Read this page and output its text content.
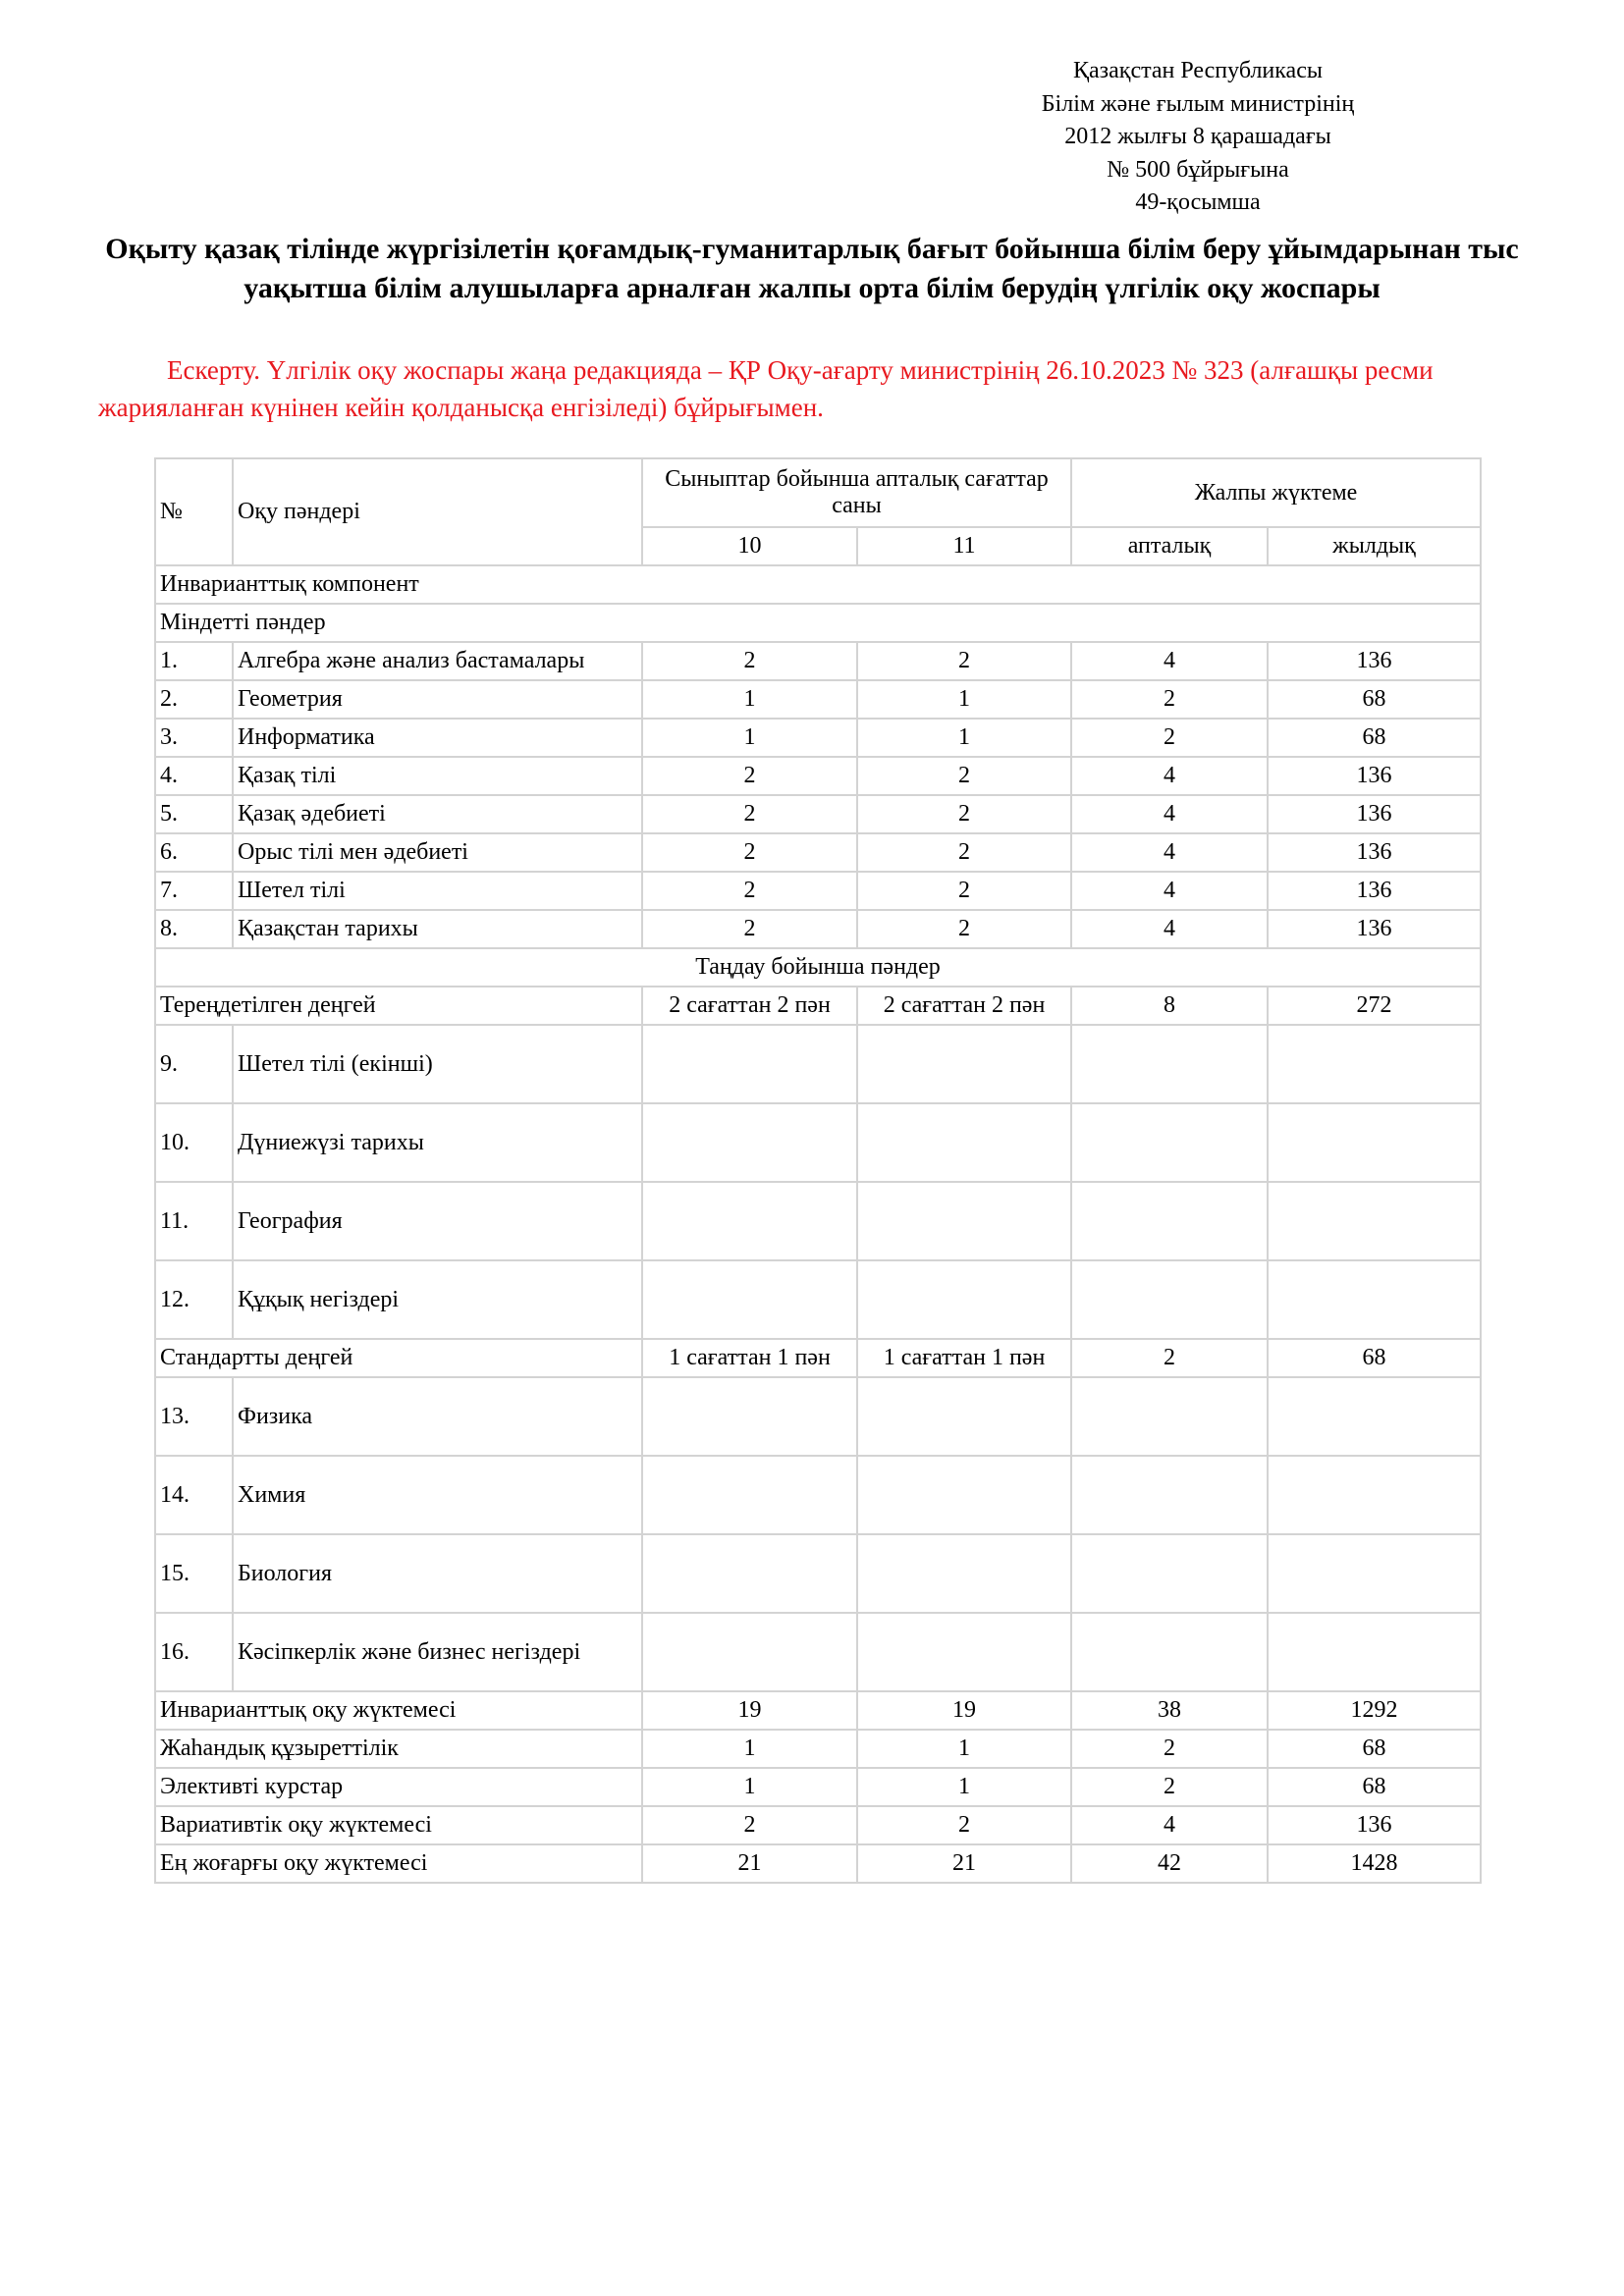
Қазақстан Республикасы
Білім және ғылым министрінің
2012 жылғы 8 қарашадағы
№ 500 бұйрығына
49-қосымша
Оқыту қазақ тілінде жүргізілетін қоғамдық-гуманитарлық бағыт бойынша білім беру ұйымдарынан тыс уақытша білім алушыларға арналған жалпы орта білім берудің үлгілік оқу жоспары
Ескерту. Үлгілік оқу жоспары жаңа редакцияда – ҚР Оқу-ағарту министрінің 26.10.2023 № 323 (алғашқы ресми жарияланған күнінен кейін қолданысқа енгізіледі) бұйрығымен.
№	Оқу пәндері	Сыныптар бойынша апталық сағаттар саны		Жалпы жүктеме	
		10	11	апталық	жылдық
Инварианттық компонент					
Міндетті пәндер					
1.	Алгебра және анализ бастамалары	2	2	4	136
2.	Геометрия	1	1	2	68
3.	Информатика	1	1	2	68
4.	Қазақ тілі	2	2	4	136
5.	Қазақ әдебиеті	2	2	4	136
6.	Орыс тілі мен әдебиеті	2	2	4	136
7.	Шетел тілі	2	2	4	136
8.	Қазақстан тарихы	2	2	4	136
Таңдау бойынша пәндер					
Тереңдетілген деңгей		2 сағаттан 2 пән	2 сағаттан 2 пән	8	272
9.	Шетел тілі (екінші)				
10.	Дүниежүзі тарихы				
11.	География				
12.	Құқық негіздері				
Стандартты деңгей		1 сағаттан 1 пән	1 сағаттан 1 пән	2	68
13.	Физика				
14.	Химия				
15.	Биология				
16.	Кәсіпкерлік және бизнес негіздері				
Инварианттық оқу жүктемесі		19	19	38	1292
Жаһандық құзыреттілік		1	1	2	68
Элективті курстар		1	1	2	68
Вариативтік оқу жүктемесі		2	2	4	136
Ең жоғарғы оқу жүктемесі		21	21	42	1428
